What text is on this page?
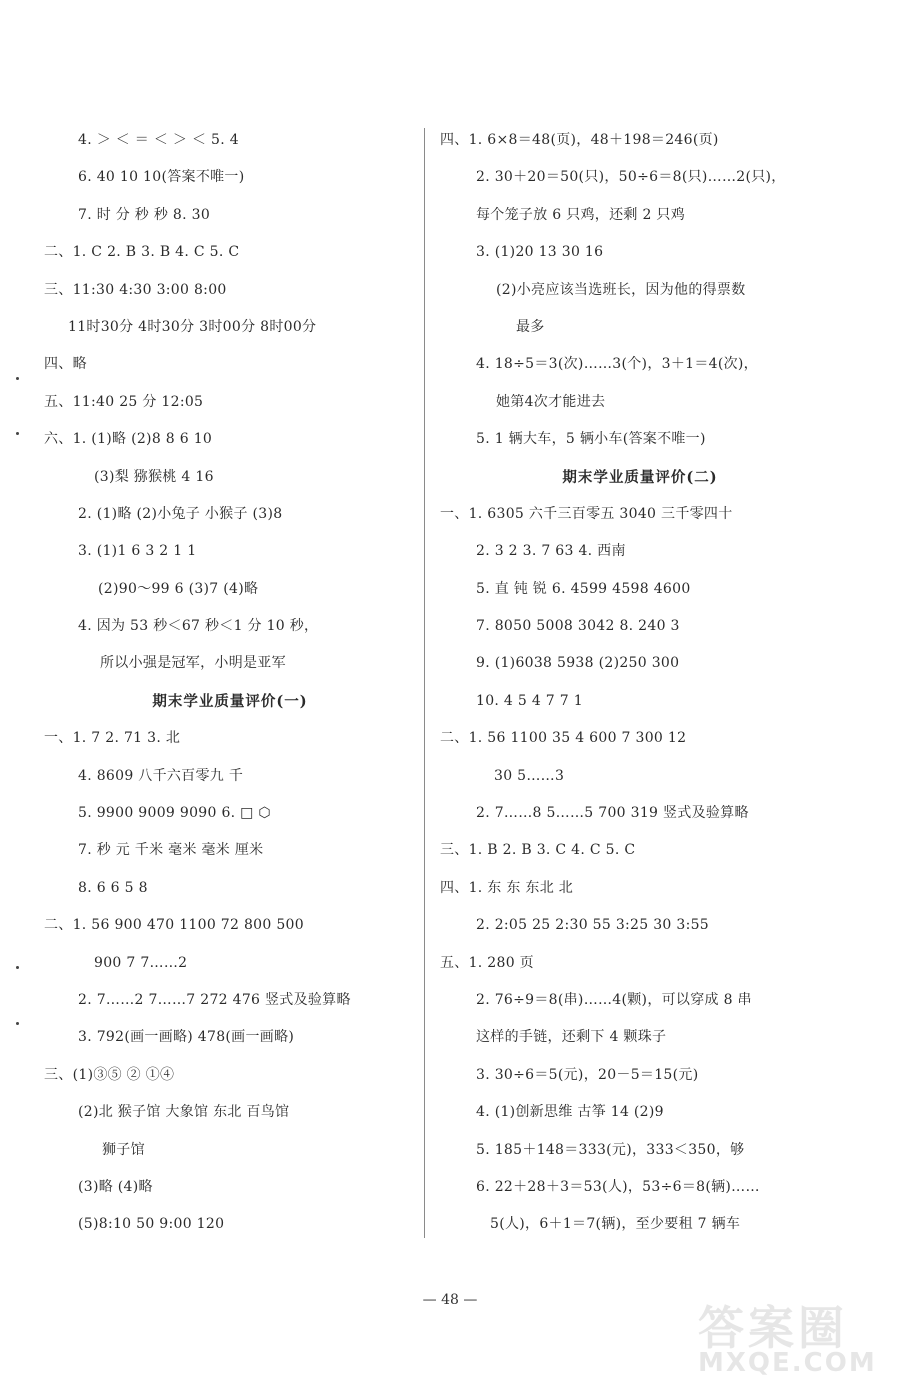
4. ＞ ＜ ＝ ＜ ＞ ＜ 5. 4
6. 40 10 10(答案不唯一)
7. 时 分 秒 秒 8. 30
二、1. C 2. B 3. B 4. C 5. C
三、11:30 4:30 3:00 8:00
11时30分 4时30分 3时00分 8时00分
四、略
五、11:40 25 分 12:05
六、1. (1)略 (2)8 8 6 10
(3)梨 猕猴桃 4 16
2. (1)略 (2)小兔子 小猴子 (3)8
3. (1)1 6 3 2 1 1
(2)90～99 6 (3)7 (4)略
4. 因为 53 秒＜67 秒＜1 分 10 秒，
所以小强是冠军，小明是亚军
期末学业质量评价(一)
一、1. 7 2. 71 3. 北
4. 8609 八千六百零九 千
5. 9900 9009 9090 6. □ ⬡
7. 秒 元 千米 毫米 毫米 厘米
8. 6 6 5 8
二、1. 56 900 470 1100 72 800 500
900 7 7……2
2. 7……2 7……7 272 476 竖式及验算略
3. 792(画一画略) 478(画一画略)
三、(1)③⑤ ② ①④
(2)北 猴子馆 大象馆 东北 百鸟馆
狮子馆
(3)略 (4)略
(5)8:10 50 9:00 120
四、1. 6×8＝48(页)，48＋198＝246(页)
2. 30＋20＝50(只)，50÷6＝8(只)……2(只)，
每个笼子放 6 只鸡，还剩 2 只鸡
3. (1)20 13 30 16
(2)小亮应该当选班长，因为他的得票数
最多
4. 18÷5＝3(次)……3(个)，3＋1＝4(次)，
她第4次才能进去
5. 1 辆大车，5 辆小车(答案不唯一)
期末学业质量评价(二)
一、1. 6305 六千三百零五 3040 三千零四十
2. 3 2 3. 7 63 4. 西南
5. 直 钝 锐 6. 4599 4598 4600
7. 8050 5008 3042 8. 240 3
9. (1)6038 5938 (2)250 300
10. 4 5 4 7 7 1
二、1. 56 1100 35 4 600 7 300 12
30 5……3
2. 7……8 5……5 700 319 竖式及验算略
三、1. B 2. B 3. C 4. C 5. C
四、1. 东 东 东北 北
2. 2:05 25 2:30 55 3:25 30 3:55
五、1. 280 页
2. 76÷9＝8(串)……4(颗)，可以穿成 8 串
这样的手链，还剩下 4 颗珠子
3. 30÷6＝5(元)，20－5＝15(元)
4. (1)创新思维 古筝 14 (2)9
5. 185＋148＝333(元)，333＜350，够
6. 22＋28＋3＝53(人)，53÷6＝8(辆)……
5(人)，6＋1＝7(辆)，至少要租 7 辆车
— 48 —
答案圈
MXQE.COM
